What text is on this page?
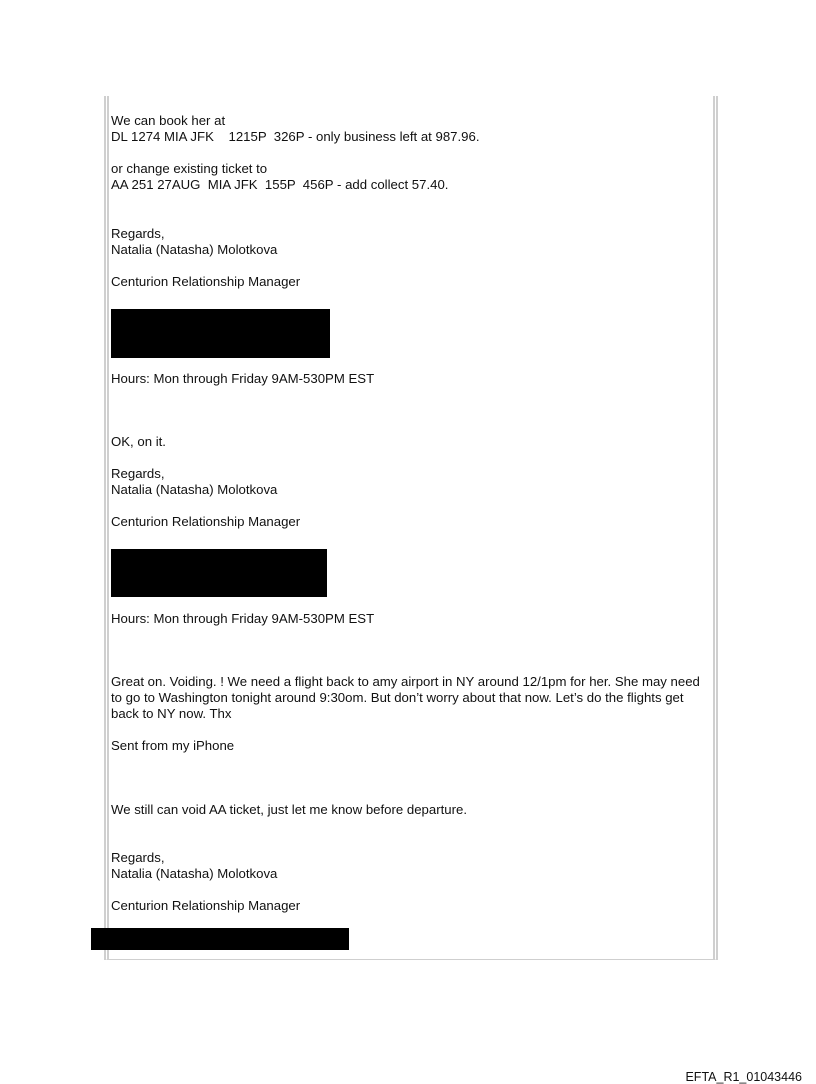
We can book her at

DL 1274 MIA JFK    1215P  326P - only business left at 987.96.

or change existing ticket to

AA 251 27AUG  MIA JFK  155P  456P - add collect 57.40.

Regards,

Natalia (Natasha) Molotkova

Centurion Relationship Manager

Hours: Mon through Friday 9AM-530PM EST

OK, on it.

Regards,

Natalia (Natasha) Molotkova

Centurion Relationship Manager

Hours: Mon through Friday 9AM-530PM EST

Great on. Voiding. ! We need a flight back to amy airport in NY around 12/1pm for her. She may need to go to Washington tonight around 9:30om. But don’t worry about that now. Let’s do the flights get back to NY now. Thx

Sent from my iPhone

We still can void AA ticket, just let me know before departure.

Regards,

Natalia (Natasha) Molotkova

Centurion Relationship Manager

EFTA_R1_01043446
